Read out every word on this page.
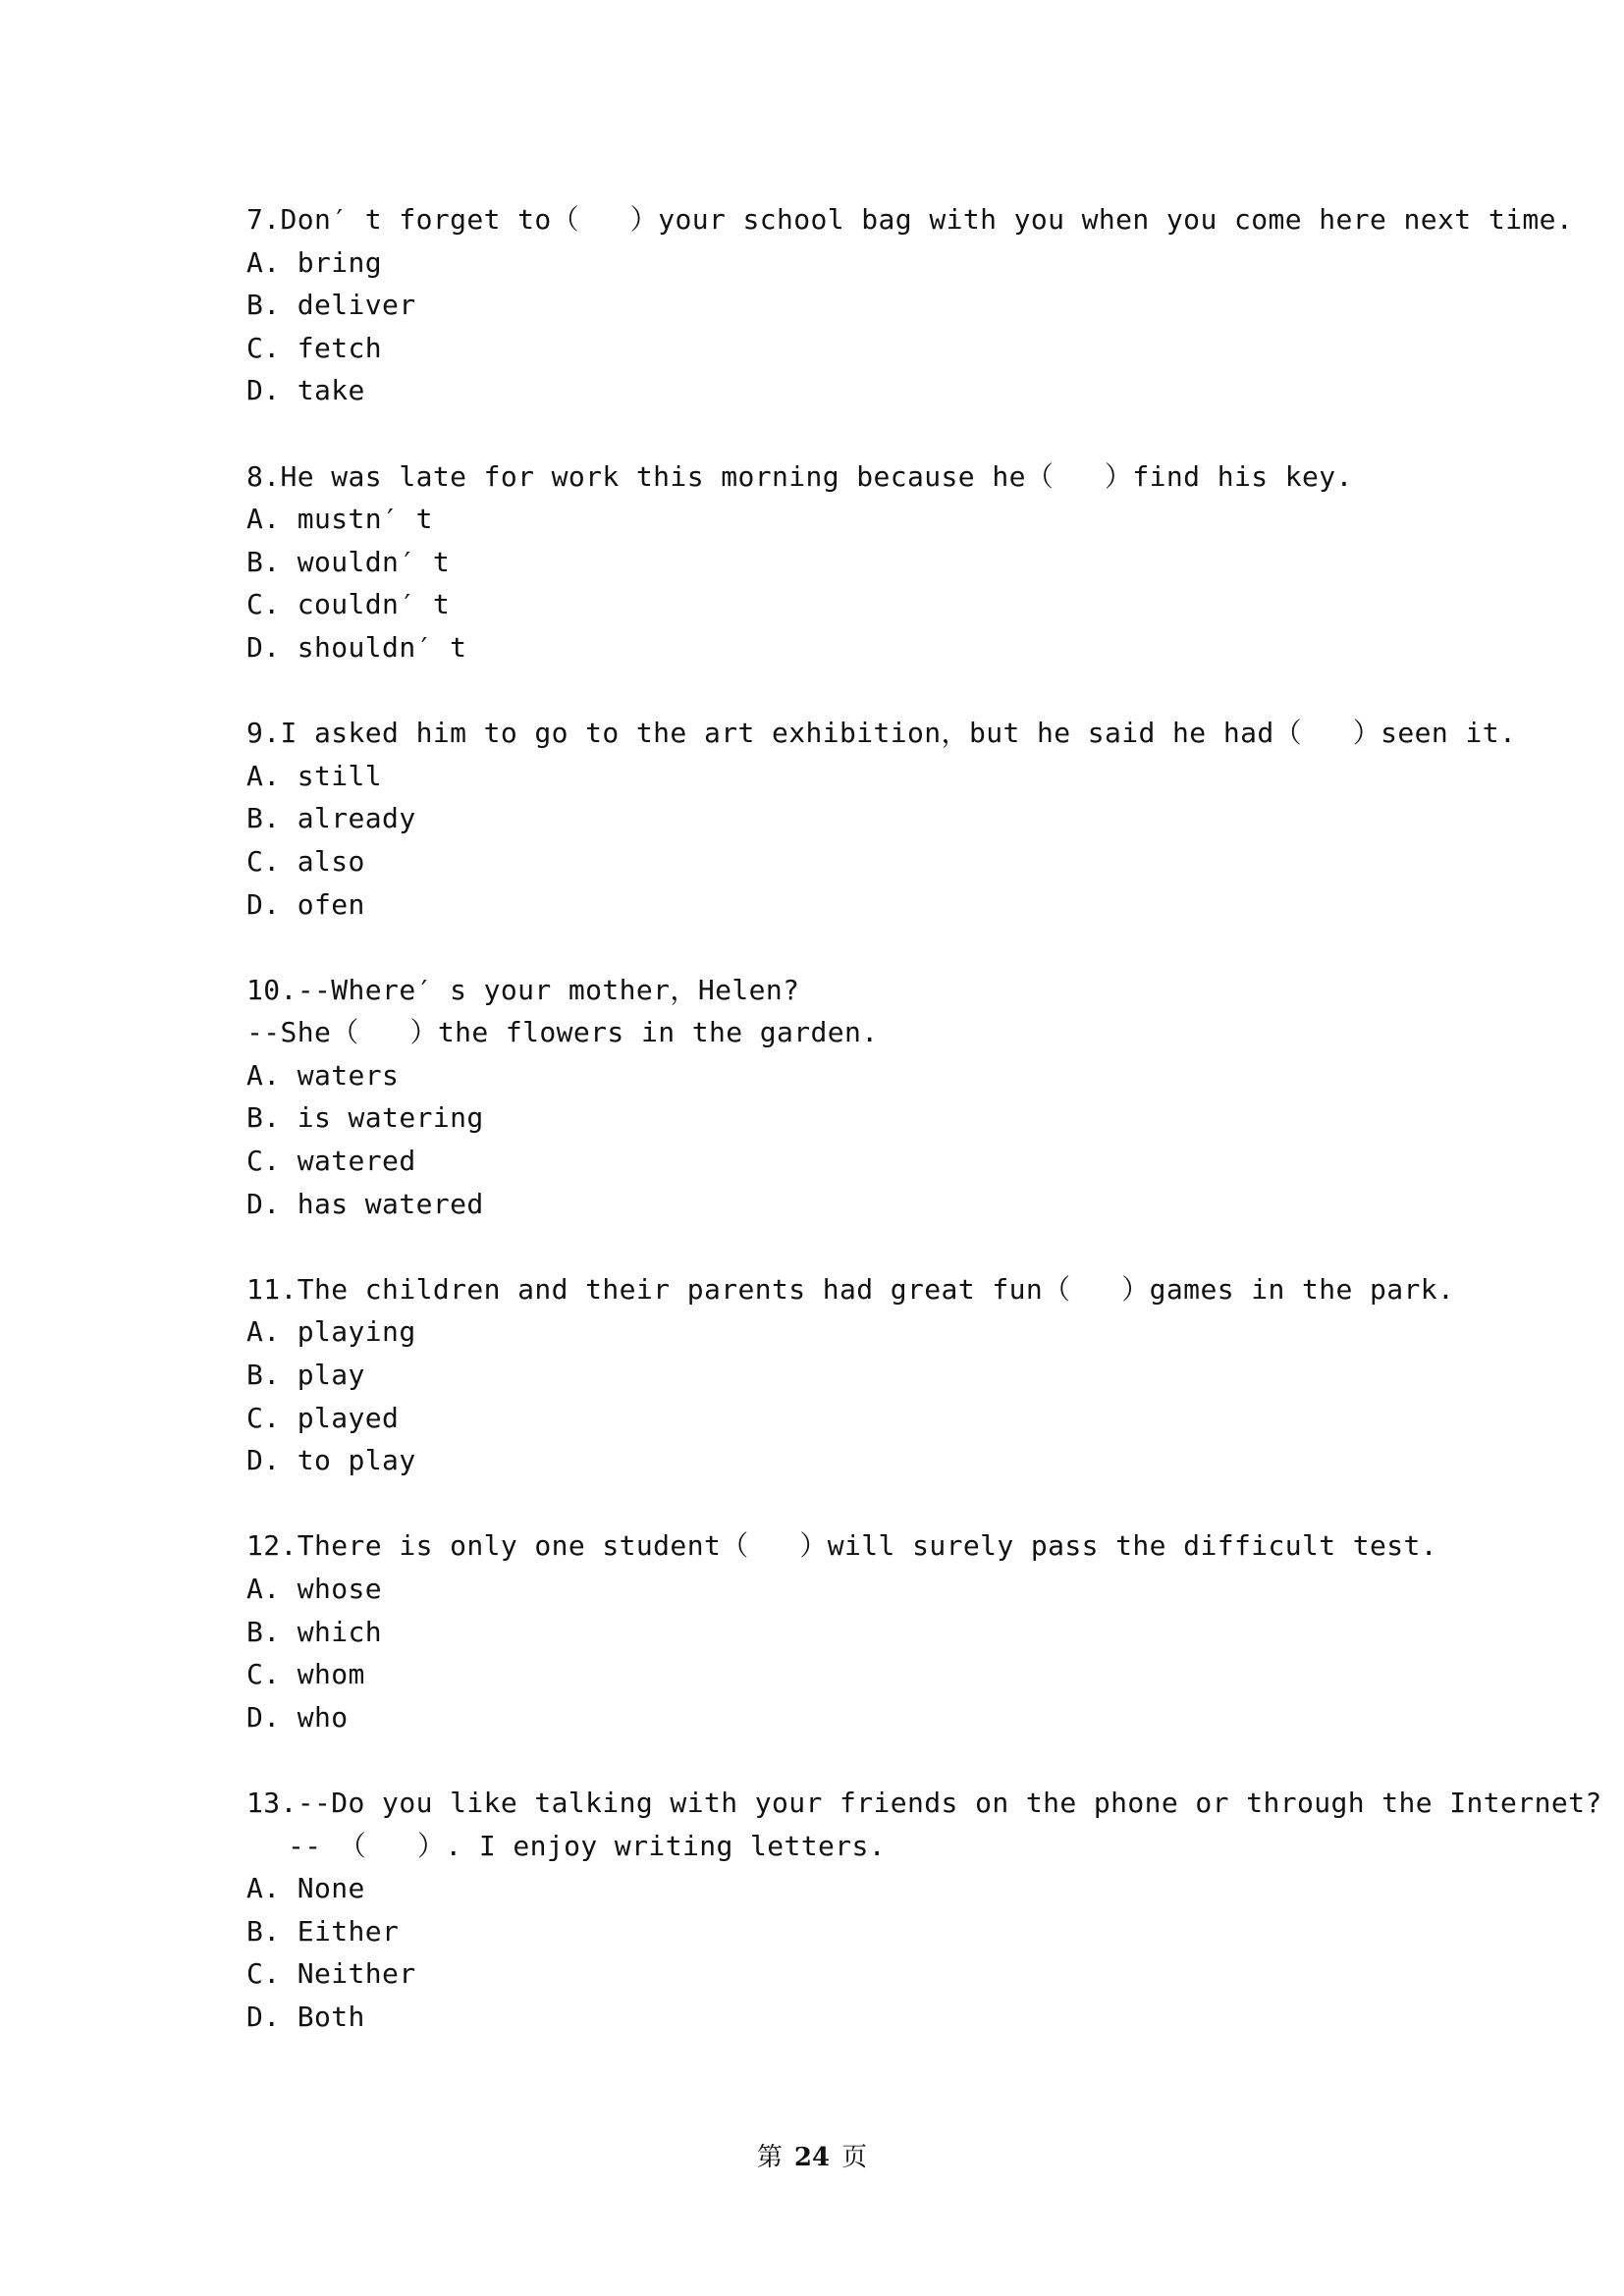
7.Don′ t forget to（   ）your school bag with you when you come here next time.
A. bring
B. deliver
C. fetch
D. take
8.He was late for work this morning because he（   ）find his key.
A. mustn′ t
B. wouldn′ t
C. couldn′ t
D. shouldn′ t
9.I asked him to go to the art exhibition，but he said he had（   ）seen it.
A. still
B. already
C. also
D. ofen
10.--Where′ s your mother，Helen?
--She（   ）the flowers in the garden.
A. waters
B. is watering
C. watered
D. has watered
11.The children and their parents had great fun（   ）games in the park.
A. playing
B. play
C. played
D. to play
12.There is only one student（   ）will surely pass the difficult test.
A. whose
B. which
C. whom
D. who
13.--Do you like talking with your friends on the phone or through the Internet?
-- （   ）. I enjoy writing letters.
A. None
B. Either
C. Neither
D. Both
第 24 页
